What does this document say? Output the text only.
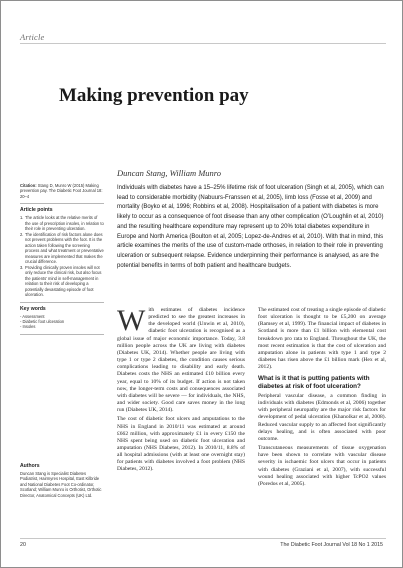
Article
Making prevention pay
Duncan Stang, William Munro

Individuals with diabetes have a 15–25% lifetime risk of foot ulceration (Singh et al, 2005), which can lead to considerable morbidity (Nabuurs-Franssen et al, 2005), limb loss (Fosse et al, 2009) and mortality (Boyko et al, 1996; Robbins et al, 2008). Hospitalisation of a patient with diabetes is more likely to occur as a consequence of foot disease than any other complication (O’Loughlin et al, 2010) and the resulting healthcare expenditure may represent up to 20% total diabetes expenditure in Europe and North America (Boulton et al, 2005; Lopez-de-Andres et al, 2010). With that in mind, this article examines the merits of the use of custom-made orthoses, in relation to their role in preventing ulceration or subsequent relapse. Evidence underpinning their performance is analysed, as are the potential benefits in terms of both patient and healthcare budgets.

Citation: Stang D, Munro W (2015) Making prevention pay. The Diabetic Foot Journal 18: 20–4

Article points
1. The article looks at the relative merits of the use of prescription insoles, in relation to their role in preventing ulceration.
2. The identification of risk factors alone does not prevent problems with the foot. It is the action taken following the screening process and what treatment or preventative measures are implemented that makes the crucial difference.
3. Providing clinically proven insoles will not only reduce the clinical risk, but also focus the patients’ mind in self-management in relation to their risk of developing a potentially devastating episode of foot ulceration.
Key words
- Assessment
- Diabetic foot ulceration
- Insoles
Authors

Duncan Stang is Specialist Diabetes Podiatrist, Hairmyres Hospital, East Kilbride and National Diabetes Foot Co-ordinator, Scotland; William Munro is Orthotist, Orthotic Director, Anatomical Concepts (UK) Ltd.

With estimates of diabetes incidence predicted to see the greatest increases in the developed world (Unwin et al, 2010), diabetic foot ulceration is recognised as a global issue of major economic importance. Today, 3.8 million people across the UK are living with diabetes (Diabetes UK, 2014). Whether people are living with type 1 or type 2 diabetes, the condition causes serious complications leading to disability and early death. Diabetes costs the NHS an estimated £10 billion every year, equal to 10% of its budget. If action is not taken now, the longer-term costs and consequences associated with diabetes will be severe — for individuals, the NHS, and wider society. Good care saves money in the long run (Diabetes UK, 2014).

The cost of diabetic foot ulcers and amputations to the NHS in England in 2010/11 was estimated at around £662 million, with approximately £1 in every £150 the NHS spent being used on diabetic foot ulceration and amputation (NHS Diabetes, 2012). In 2010/11, 8.8% of all hospital admissions (with at least one overnight stay) for patients with diabetes involved a foot problem (NHS Diabetes, 2012).

The estimated cost of treating a single episode of diabetic foot ulceration is thought to be £5,200 on average (Ramsey et al, 1999). The financial impact of diabetes in Scotland is more than £1 billion with elemental cost breakdown pro rata to England. Throughout the UK, the most recent estimation is that the cost of ulceration and amputation alone in patients with type 1 and type 2 diabetes has risen above the £1 billion mark (Hex et al, 2012).

What is it that is putting patients with diabetes at risk of foot ulceration?

Peripheral vascular disease, a common finding in individuals with diabetes (Edmonds et al, 2006) together with peripheral neuropathy are the major risk factors for development of pedal ulceration (Khanolkar et al, 2008). Reduced vascular supply to an affected foot significantly delays healing, and is often associated with poor outcome.

Transcutaneous measurements of tissue oxygenation have been shown to correlate with vascular disease severity in ischaemic foot ulcers that occur in patients with diabetes (Graziani et al, 2007), with successful wound healing associated with higher TcPO2 values (Poredos et al, 2005).

20	The Diabetic Foot Journal Vol 18 No 1 2015
